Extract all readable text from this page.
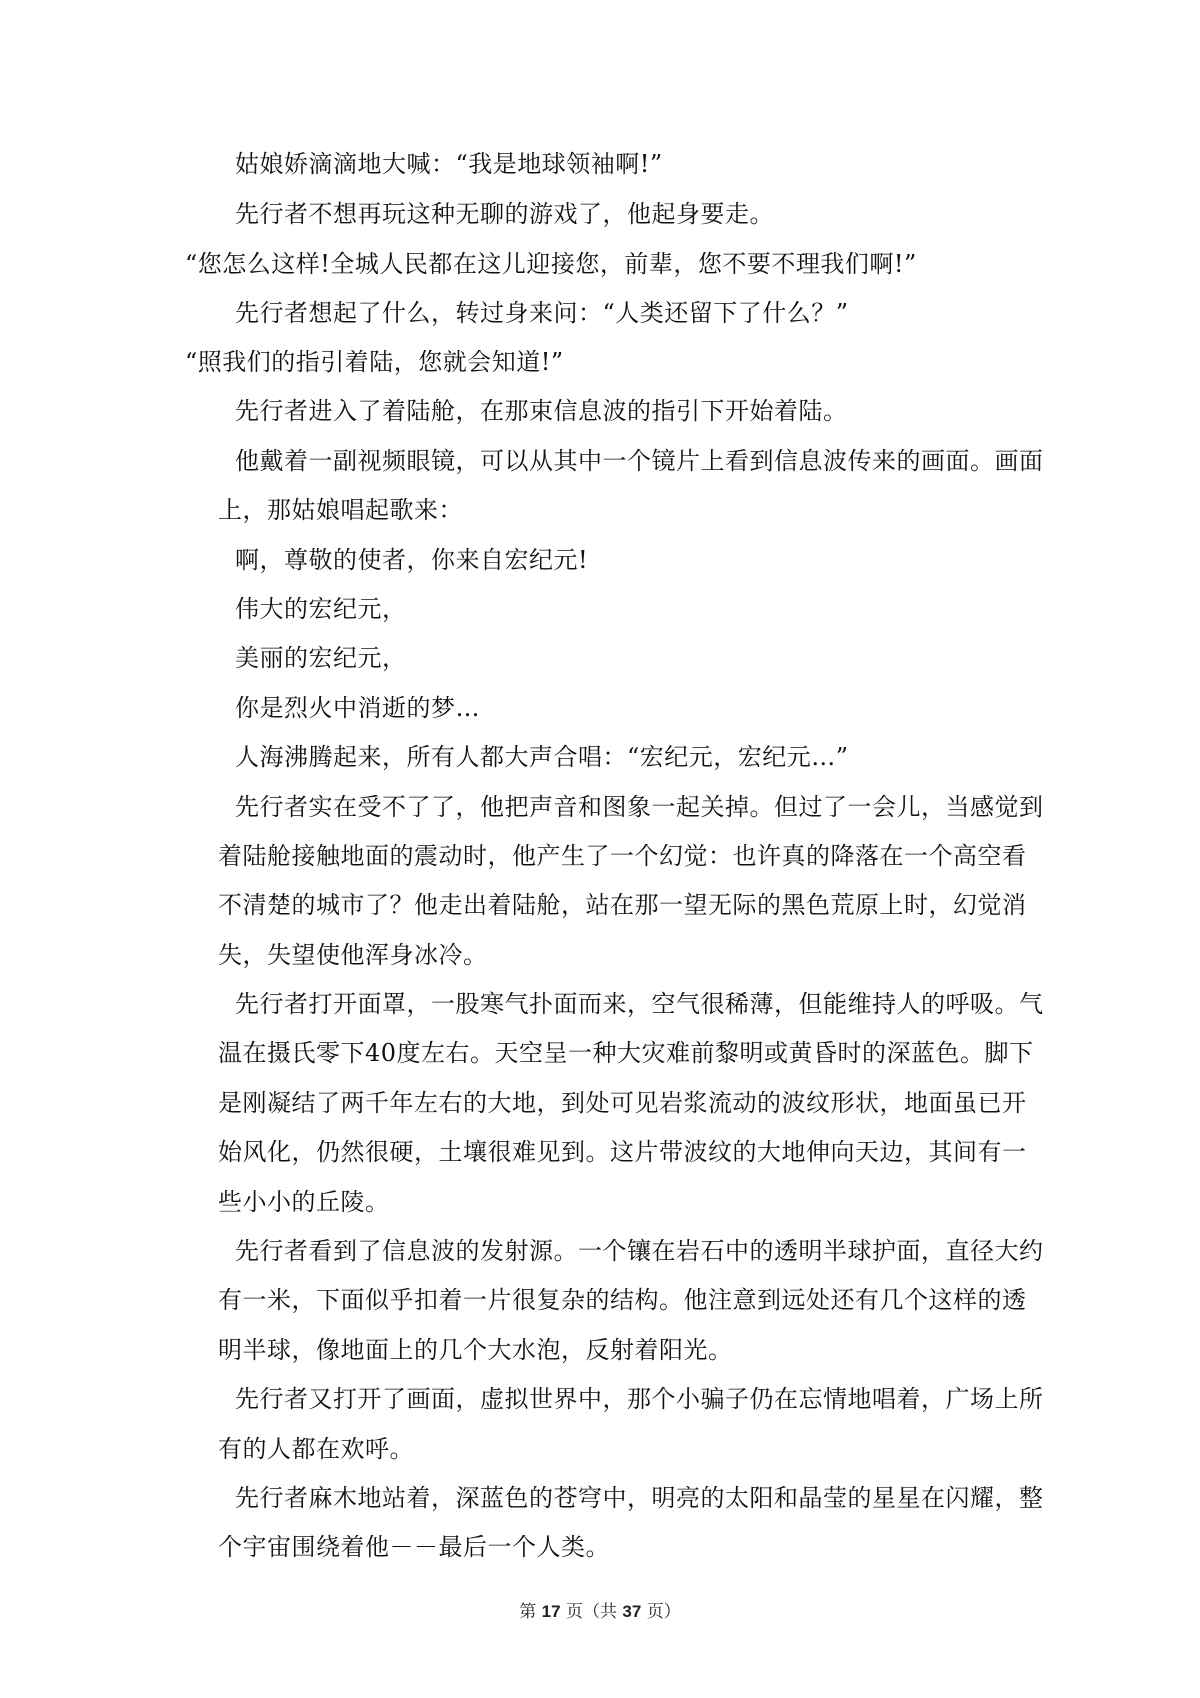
姑娘娇滴滴地大喊：“我是地球领袖啊!”
先行者不想再玩这种无聊的游戏了，他起身要走。
“您怎么这样!全城人民都在这儿迎接您，前辈，您不要不理我们啊!”
先行者想起了什么，转过身来问：“人类还留下了什么？”
“照我们的指引着陆，您就会知道!”
先行者进入了着陆舱，在那束信息波的指引下开始着陆。
他戴着一副视频眼镜，可以从其中一个镜片上看到信息波传来的画面。画面
上，那姑娘唱起歌来：
啊，尊敬的使者，你来自宏纪元!
伟大的宏纪元，
美丽的宏纪元，
你是烈火中消逝的梦…
人海沸腾起来，所有人都大声合唱：“宏纪元，宏纪元…”
先行者实在受不了了，他把声音和图象一起关掉。但过了一会儿，当感觉到
着陆舱接触地面的震动时，他产生了一个幻觉：也许真的降落在一个高空看
不清楚的城市了？他走出着陆舱，站在那一望无际的黑色荒原上时，幻觉消
失，失望使他浑身冰冷。
先行者打开面罩，一股寒气扑面而来，空气很稀薄，但能维持人的呼吸。气
温在摄氏零下40度左右。天空呈一种大灾难前黎明或黄昏时的深蓝色。脚下
是刚凝结了两千年左右的大地，到处可见岩浆流动的波纹形状，地面虽已开
始风化，仍然很硬，土壤很难见到。这片带波纹的大地伸向天边，其间有一
些小小的丘陵。
先行者看到了信息波的发射源。一个镶在岩石中的透明半球护面，直径大约
有一米，下面似乎扣着一片很复杂的结构。他注意到远处还有几个这样的透
明半球，像地面上的几个大水泡，反射着阳光。
先行者又打开了画面，虚拟世界中，那个小骗子仍在忘情地唱着，广场上所
有的人都在欢呼。
先行者麻木地站着，深蓝色的苍穹中，明亮的太阳和晶莹的星星在闪耀，整
个宇宙围绕着他－－最后一个人类。
第 17 页（共 37 页）
